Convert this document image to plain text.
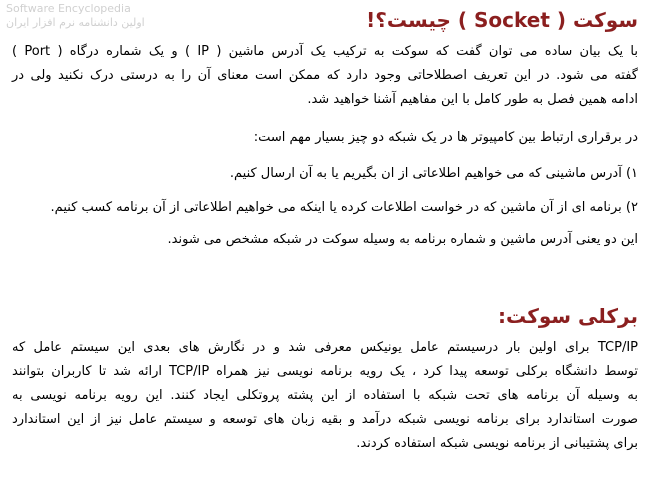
Software Encyclopedia
اولین دانشنامه نرم افزار ایران	سوکت ( Socket ) چیست؟!
با یک بیان ساده می توان گفت که سوکت به ترکیب یک آدرس ماشین ( IP ) و یک شماره درگاه ( Port )
گفته می شود. در این تعریف اصطلاحاتی وجود دارد که ممکن است معنای آن را به درستی درک نکنید ولی در
ادامه همین فصل به طور کامل با این مفاهیم آشنا خواهید شد.
در برقراری ارتباط بین کامپیوتر ها در یک شبکه دو چیز بسیار مهم است:
۱) آدرس ماشینی که می خواهیم اطلاعاتی از ان بگیریم یا به آن ارسال کنیم.
۲) برنامه ای از آن ماشین که در خواست اطلاعات کرده یا اینکه می خواهیم اطلاعاتی از آن برنامه کسب کنیم.
این دو یعنی آدرس ماشین و شماره برنامه به وسیله سوکت در شبکه مشخص می شوند.
برکلی سوکت:
TCP/IP برای اولین بار درسیستم عامل یونیکس معرفی شد و در نگارش های بعدی این سیستم عامل که
توسط دانشگاه برکلی توسعه پیدا کرد ، یک رویه برنامه نویسی نیز همراه TCP/IP ارائه شد تا کاربران بتوانند
به وسیله آن برنامه های تحت شبکه با استفاده از این پشته پروتکلی ایجاد کنند. این رویه برنامه نویسی به
صورت استاندارد برای برنامه نویسی شبکه درآمد و بقیه زبان های توسعه و سیستم عامل نیز از این استاندارد
برای پشتیبانی از برنامه نویسی شبکه استفاده کردند.
